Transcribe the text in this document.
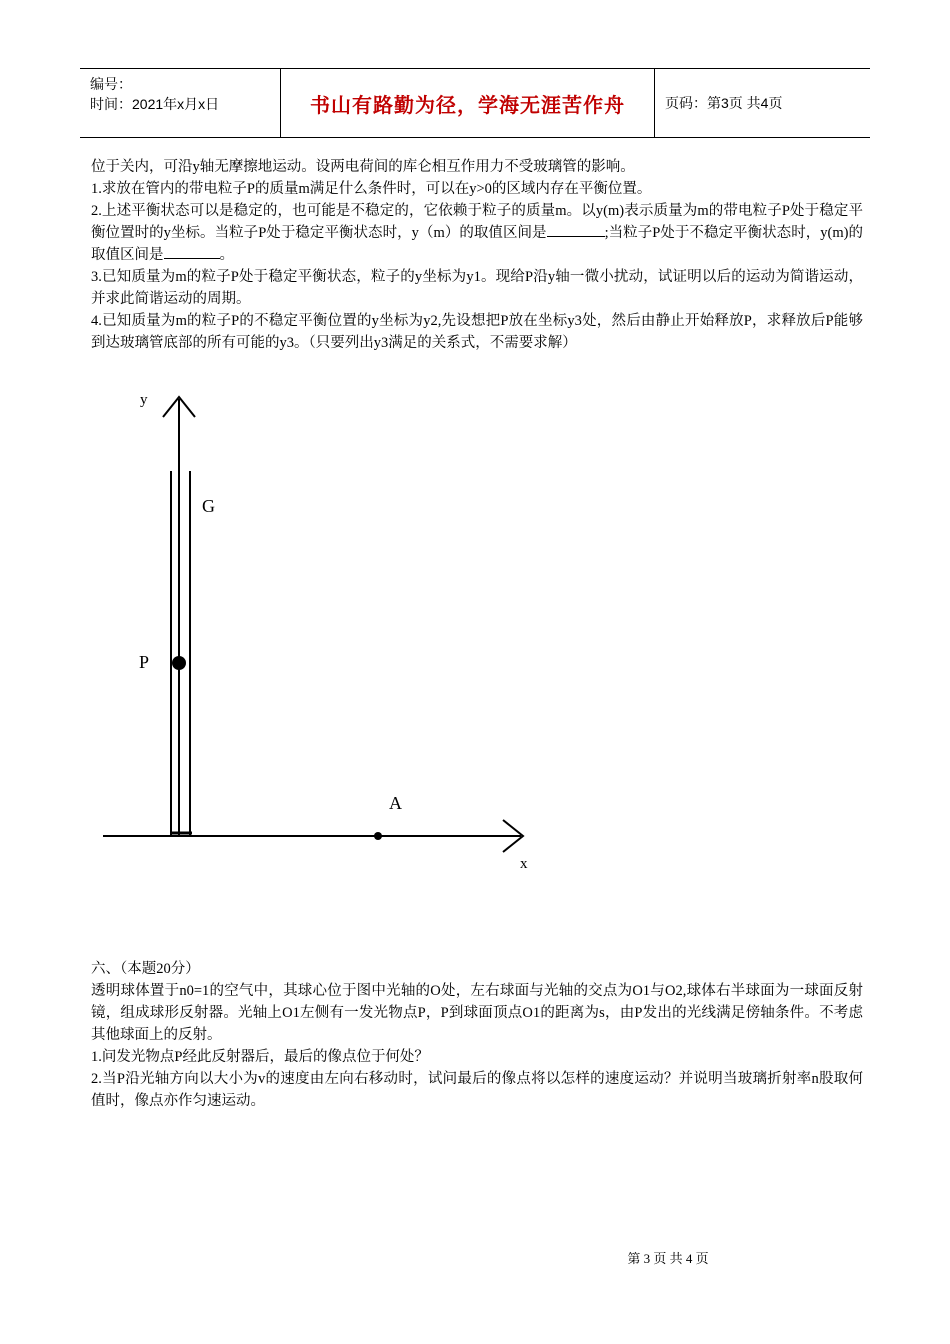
编号：
时间：2021年x月x日	书山有路勤为径，学海无涯苦作舟	页码：第3页 共4页

位于关内，可沿y轴无摩擦地运动。设两电荷间的库仑相互作用力不受玻璃管的影响。

1.求放在管内的带电粒子P的质量m满足什么条件时，可以在y>0的区域内存在平衡位置。

2.上述平衡状态可以是稳定的，也可能是不稳定的，它依赖于粒子的质量m。以y(m)表示质量为m的带电粒子P处于稳定平衡位置时的y坐标。当粒子P处于稳定平衡状态时，y（m）的取值区间是	;当粒子P处于不稳定平衡状态时，y(m)的取值区间是	。

3.已知质量为m的粒子P处于稳定平衡状态，粒子的y坐标为y1。现给P沿y轴一微小扰动，试证明以后的运动为简谐运动，并求此简谐运动的周期。

4.已知质量为m的粒子P的不稳定平衡位置的y坐标为y2,先设想把P放在坐标y3处，然后由静止开始释放P，求释放后P能够到达玻璃管底部的所有可能的y3。（只要列出y3满足的关系式，不需要求解）

y
G
P
A
x

六、（本题20分）

透明球体置于n0=1的空气中，其球心位于图中光轴的O处，左右球面与光轴的交点为O1与O2,球体右半球面为一球面反射镜，组成球形反射器。光轴上O1左侧有一发光物点P，P到球面顶点O1的距离为s，由P发出的光线满足傍轴条件。不考虑其他球面上的反射。

1.问发光物点P经此反射器后，最后的像点位于何处？

2.当P沿光轴方向以大小为v的速度由左向右移动时，试问最后的像点将以怎样的速度运动？并说明当玻璃折射率n股取何值时，像点亦作匀速运动。

第 3 页 共 4 页
